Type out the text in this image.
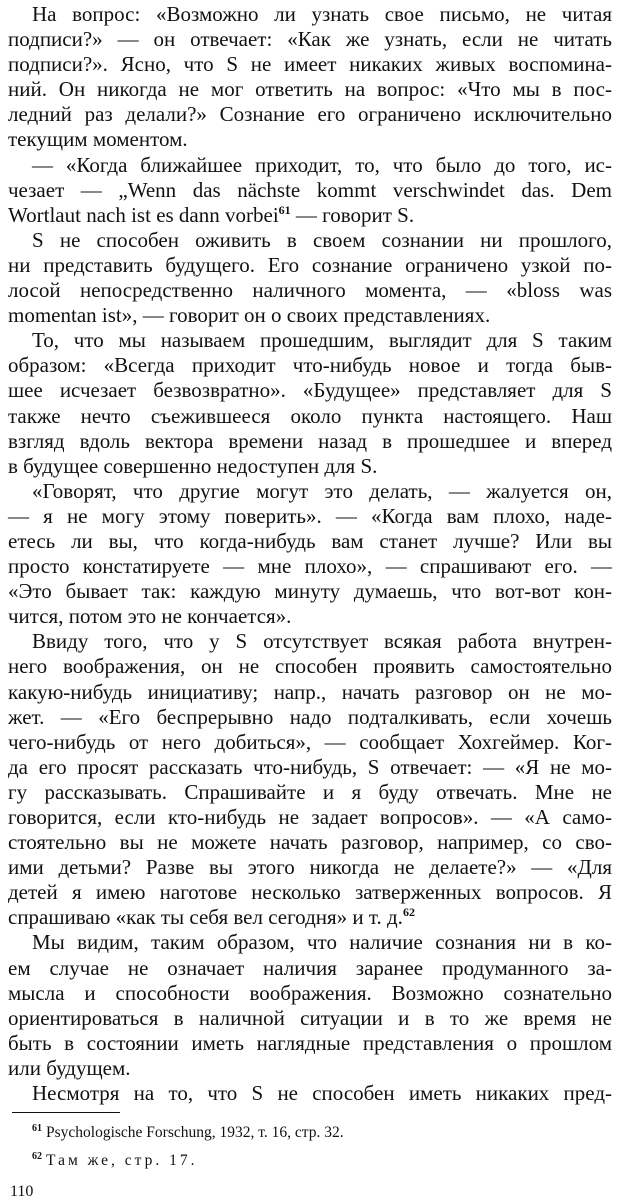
На вопрос: «Возможно ли узнать свое письмо, не читая
подписи?» — он отвечает: «Как же узнать, если не читать
подписи?». Ясно, что S не имеет никаких живых воспомина-
ний. Он никогда не мог ответить на вопрос: «Что мы в пос-
ледний раз делали?» Сознание его ограничено исключительно
текущим моментом.
— «Когда ближайшее приходит, то, что было до того, ис-
чезает — „Wenn das nächste kommt verschwindet das. Dem
Wortlaut nach ist es dann vorbei$^{61}$ — говорит S.
S не способен оживить в своем сознании ни прошлого,
ни представить будущего. Его сознание ограничено узкой по-
лосой непосредственно наличного момента, — «bloss was
momentan ist», — говорит он о своих представлениях.
То, что мы называем прошедшим, выглядит для S таким
образом: «Всегда приходит что-нибудь новое и тогда быв-
шее исчезает безвозвратно». «Будущее» представляет для S
также нечто съежившееся около пункта настоящего. Наш
взгляд вдоль вектора времени назад в прошедшее и вперед
в будущее совершенно недоступен для S.
«Говорят, что другие могут это делать, — жалуется он,
— я не могу этому поверить». — «Когда вам плохо, наде-
етесь ли вы, что когда-нибудь вам станет лучше? Или вы
просто констатируете — мне плохо», — спрашивают его. —
«Это бывает так: каждую минуту думаешь, что вот-вот кон-
чится, потом это не кончается».
Ввиду того, что у S отсутствует всякая работа внутрен-
него воображения, он не способен проявить самостоятельно
какую-нибудь инициативу; напр., начать разговор он не мо-
жет. — «Его беспрерывно надо подталкивать, если хочешь
чего-нибудь от него добиться», — сообщает Хохгеймер. Ког-
да его просят рассказать что-нибудь, S отвечает: — «Я не мо-
гу рассказывать. Спрашивайте и я буду отвечать. Мне не
говорится, если кто-нибудь не задает вопросов». — «А само-
стоятельно вы не можете начать разговор, например, со сво-
ими детьми? Разве вы этого никогда не делаете?» — «Для
детей я имею наготове несколько затверженных вопросов. Я
спрашиваю «как ты себя вел сегодня» и т. д.$^{62}$
Мы видим, таким образом, что наличие сознания ни в ко-
ем случае не означает наличия заранее продуманного за-
мысла и способности воображения. Возможно сознательно
ориентироваться в наличной ситуации и в то же время не
быть в состоянии иметь наглядные представления о прошлом
или будущем.
Несмотря на то, что S не способен иметь никаких пред-
$^{61}$ Psychologische Forschung, 1932, т. 16, стр. 32.
$^{62}$ Там же, стр. 17.
110
